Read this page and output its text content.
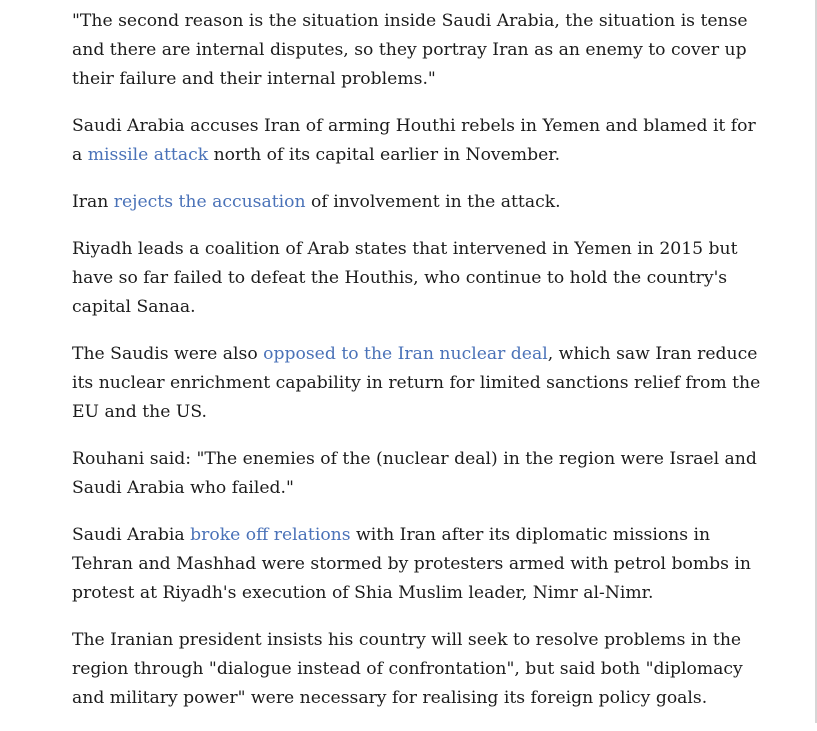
"The second reason is the situation inside Saudi Arabia, the situation is tense and there are internal disputes, so they portray Iran as an enemy to cover up their failure and their internal problems."

Saudi Arabia accuses Iran of arming Houthi rebels in Yemen and blamed it for a missile attack north of its capital earlier in November.

Iran rejects the accusation of involvement in the attack.

Riyadh leads a coalition of Arab states that intervened in Yemen in 2015 but have so far failed to defeat the Houthis, who continue to hold the country's capital Sanaa.

The Saudis were also opposed to the Iran nuclear deal, which saw Iran reduce its nuclear enrichment capability in return for limited sanctions relief from the EU and the US.

Rouhani said: "The enemies of the (nuclear deal) in the region were Israel and Saudi Arabia who failed."

Saudi Arabia broke off relations with Iran after its diplomatic missions in Tehran and Mashhad were stormed by protesters armed with petrol bombs in protest at Riyadh's execution of Shia Muslim leader, Nimr al-Nimr.

The Iranian president insists his country will seek to resolve problems in the region through "dialogue instead of confrontation", but said both "diplomacy and military power" were necessary for realising its foreign policy goals.
